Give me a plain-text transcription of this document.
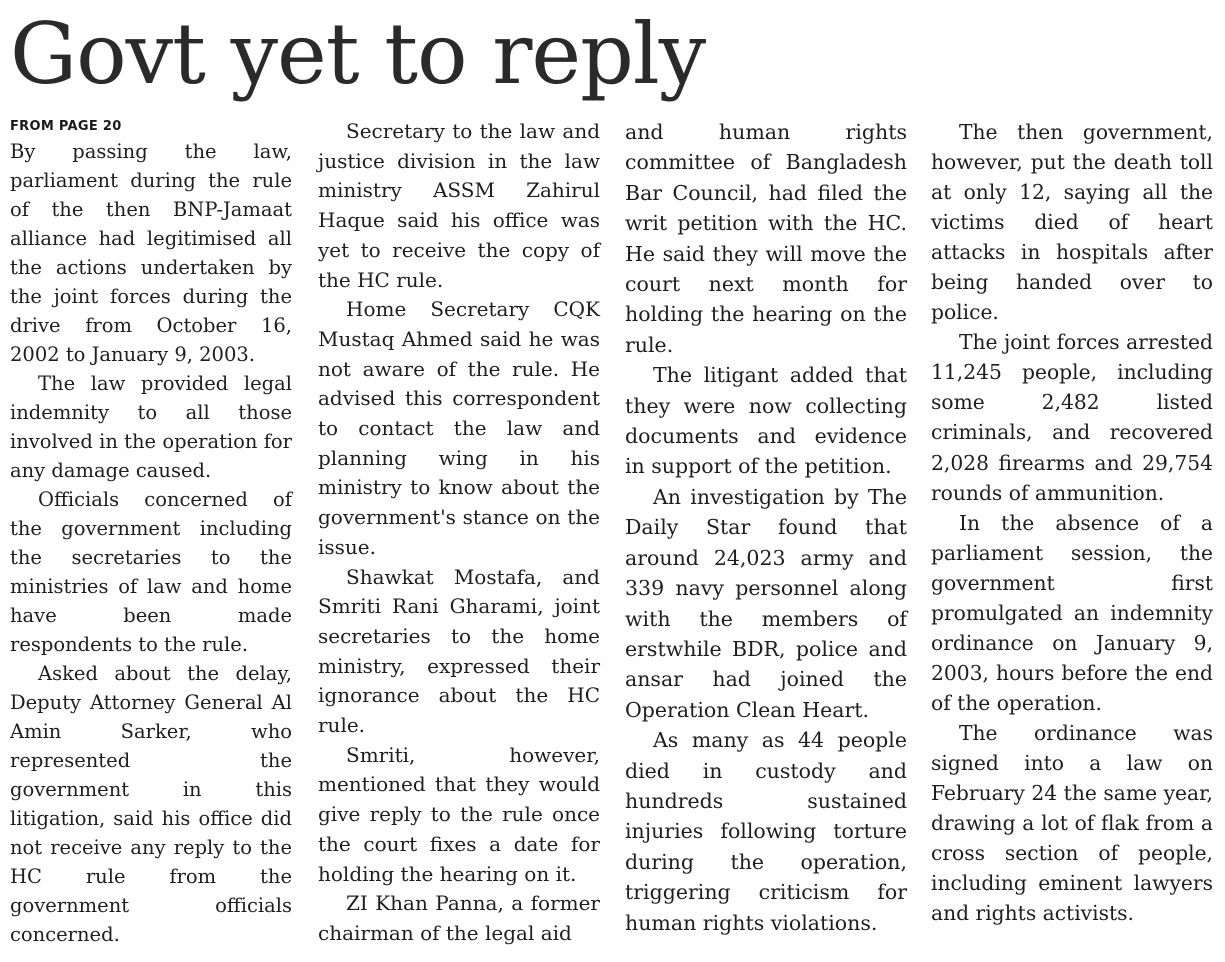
Govt yet to reply
FROM PAGE 20

By passing the law, parliament during the rule of the then BNP-Jamaat alliance had legitimised all the actions undertaken by the joint forces during the drive from October 16, 2002 to January 9, 2003.

The law provided legal indemnity to all those involved in the operation for any damage caused.

Officials concerned of the government including the secretaries to the ministries of law and home have been made respondents to the rule.

Asked about the delay, Deputy Attorney General Al Amin Sarker, who represented the government in this litigation, said his office did not receive any reply to the HC rule from the government officials concerned.

Secretary to the law and justice division in the law ministry ASSM Zahirul Haque said his office was yet to receive the copy of the HC rule.

Home Secretary CQK Mustaq Ahmed said he was not aware of the rule. He advised this correspondent to contact the law and planning wing in his ministry to know about the government's stance on the issue.

Shawkat Mostafa, and Smriti Rani Gharami, joint secretaries to the home ministry, expressed their ignorance about the HC rule.

Smriti, however, mentioned that they would give reply to the rule once the court fixes a date for holding the hearing on it.

ZI Khan Panna, a former chairman of the legal aid

and human rights committee of Bangladesh Bar Council, had filed the writ petition with the HC. He said they will move the court next month for holding the hearing on the rule.

The litigant added that they were now collecting documents and evidence in support of the petition.

An investigation by The Daily Star found that around 24,023 army and 339 navy personnel along with the members of erstwhile BDR, police and ansar had joined the Operation Clean Heart.

As many as 44 people died in custody and hundreds sustained injuries following torture during the operation, triggering criticism for human rights violations.

The then government, however, put the death toll at only 12, saying all the victims died of heart attacks in hospitals after being handed over to police.

The joint forces arrested 11,245 people, including some 2,482 listed criminals, and recovered 2,028 firearms and 29,754 rounds of ammunition.

In the absence of a parliament session, the government first promulgated an indemnity ordinance on January 9, 2003, hours before the end of the operation.

The ordinance was signed into a law on February 24 the same year, drawing a lot of flak from a cross section of people, including eminent lawyers and rights activists.
